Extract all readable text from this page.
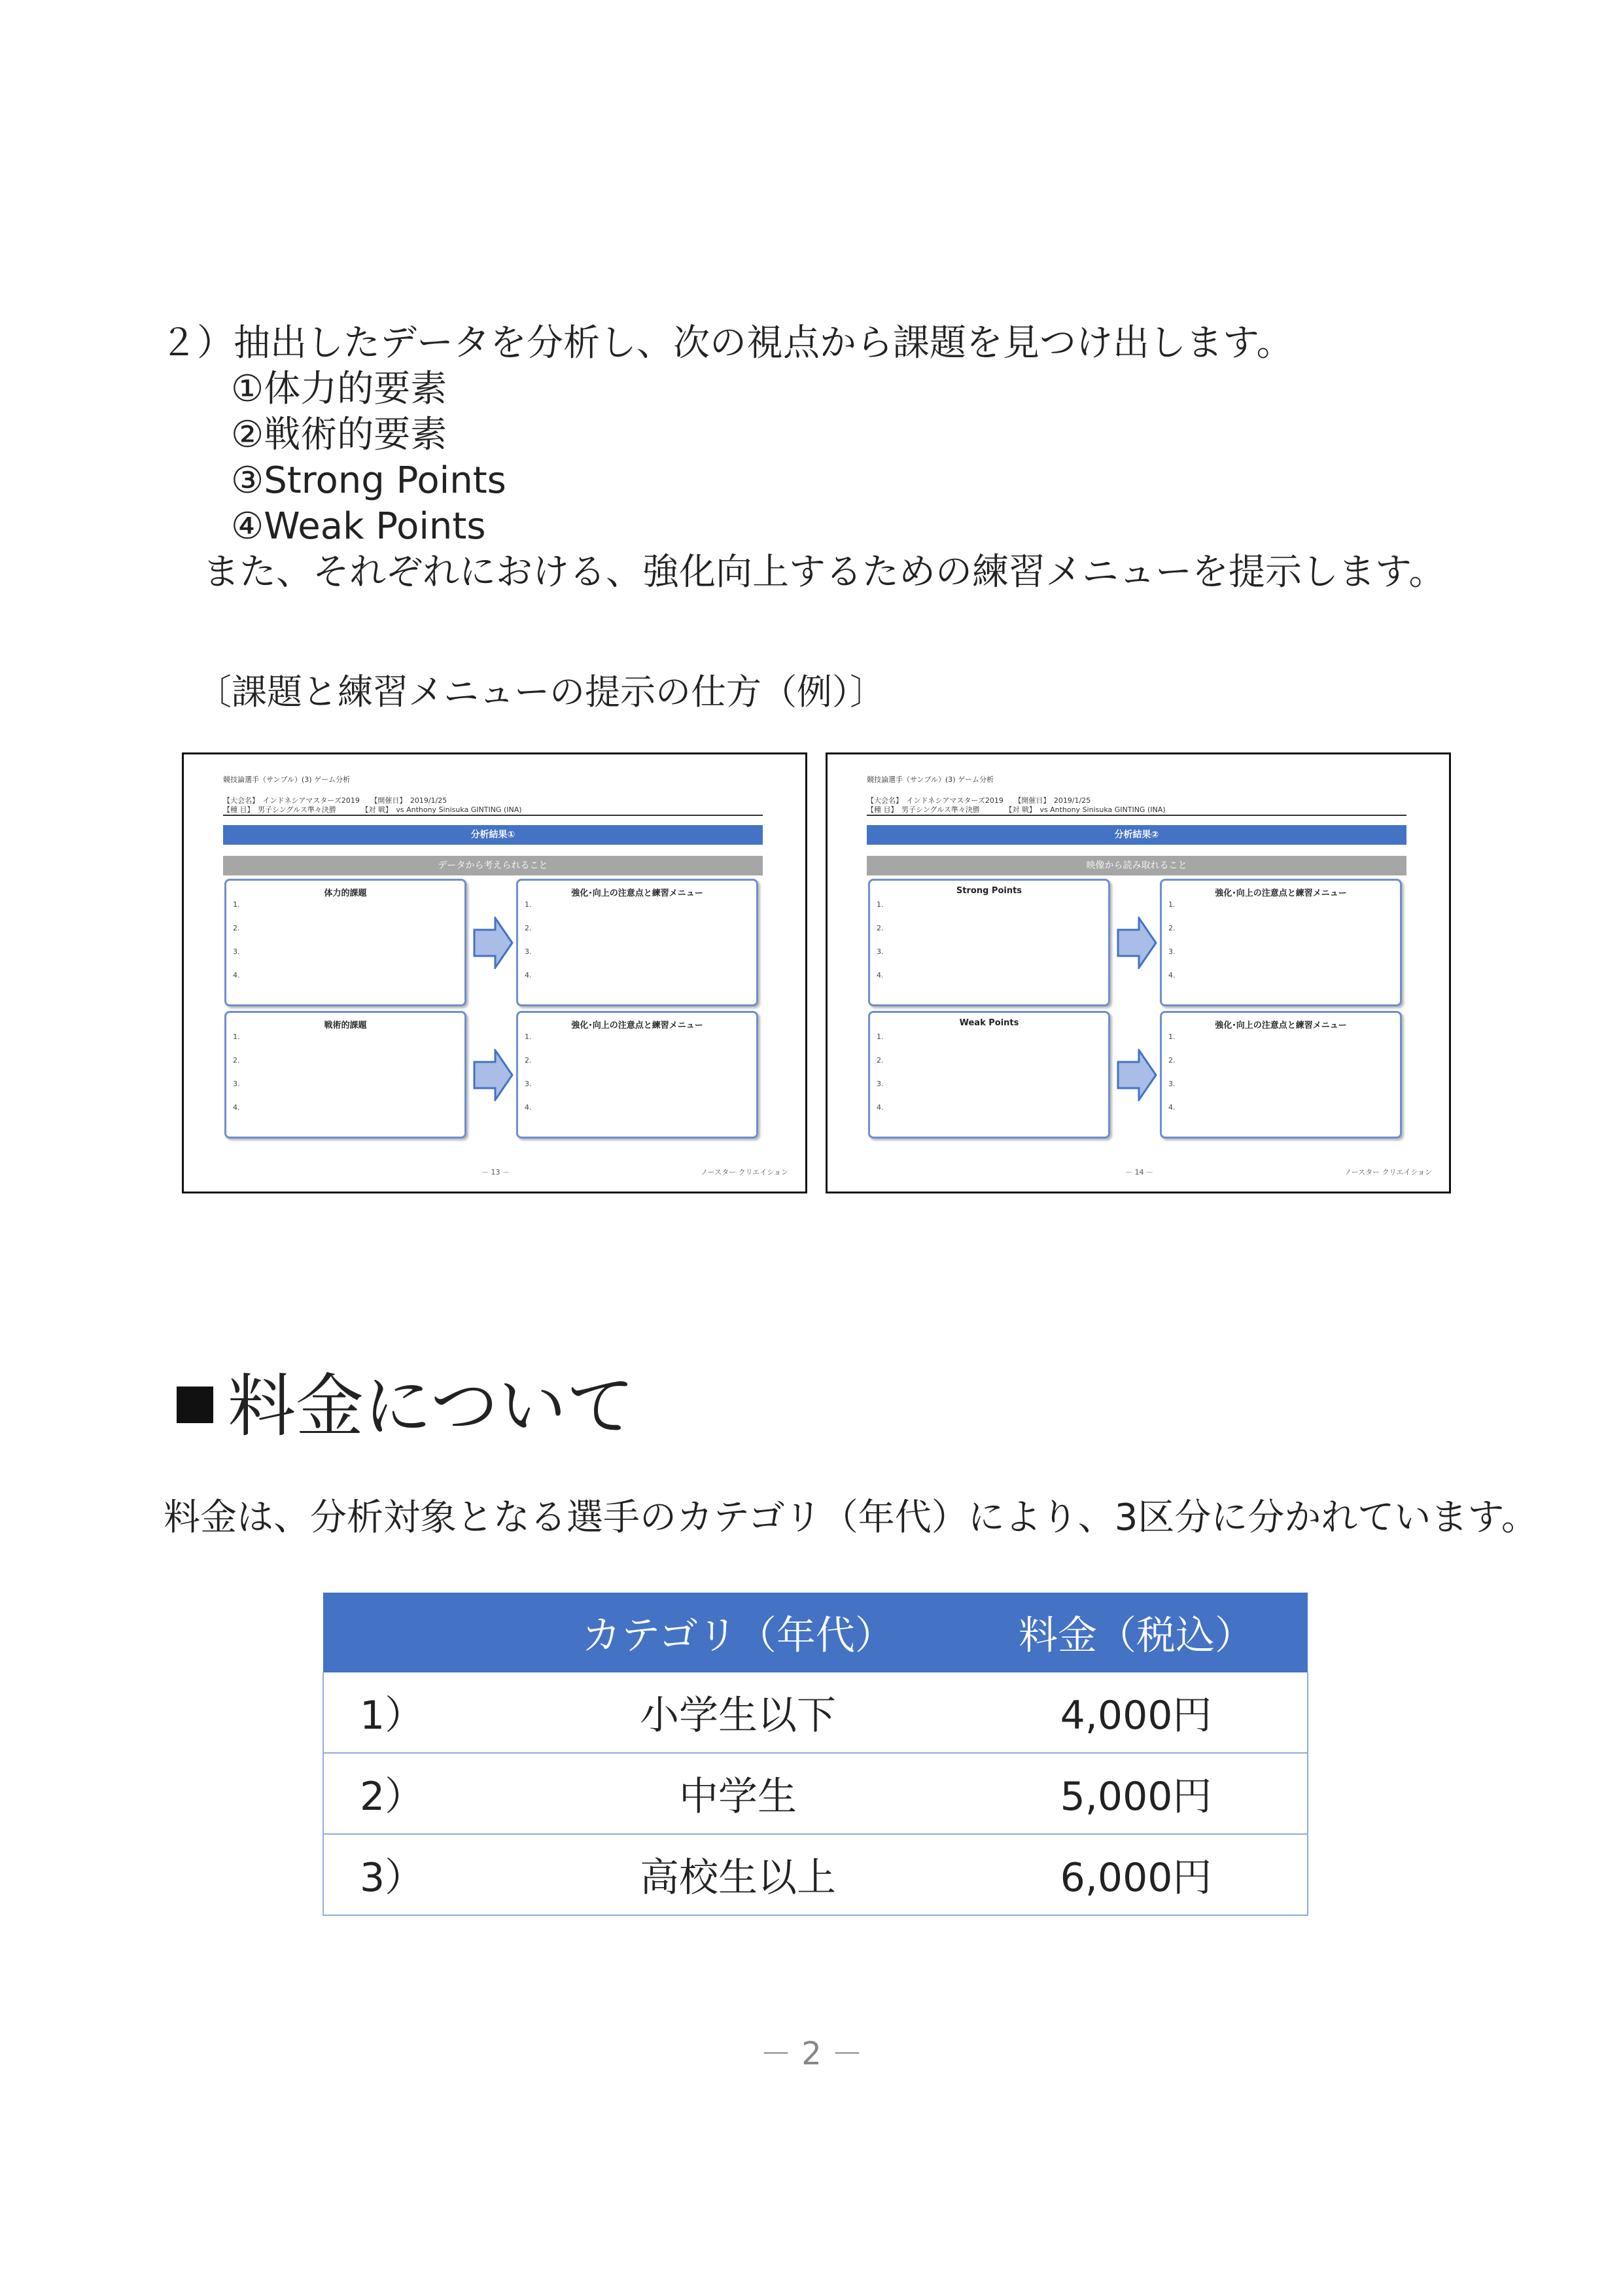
２）抽出したデータを分析し、次の視点から課題を見つけ出します。
①体力的要素
②戦術的要素
③Strong Points
④Weak Points
また、それぞれにおける、強化向上するための練習メニューを提示します。
〔課題と練習メニューの提示の仕方（例）〕
競技論選手（サンプル）(3) ゲーム分析
【大会名】　インドネシアマスターズ2019　　【開催日】　2019/1/25
【種 目】　男子シングルス準々決勝　　　　【対 戦】　vs Anthony Sinisuka GINTING (INA)
分析結果①
データから考えられること
体力的課題
1.
2.
3.
4.
強化･向上の注意点と練習メニュー
1.
2.
3.
4.
戦術的課題
1.
2.
3.
4.
強化･向上の注意点と練習メニュー
1.
2.
3.
4.
－ 13 －	ノースター クリエイション
競技論選手（サンプル）(3) ゲーム分析
【大会名】　インドネシアマスターズ2019　　【開催日】　2019/1/25
【種 目】　男子シングルス準々決勝　　　　【対 戦】　vs Anthony Sinisuka GINTING (INA)
分析結果②
映像から読み取れること
Strong Points
1.
2.
3.
4.
強化･向上の注意点と練習メニュー
1.
2.
3.
4.
Weak Points
1.
2.
3.
4.
強化･向上の注意点と練習メニュー
1.
2.
3.
4.
－ 14 －	ノースター クリエイション
料金について
料金は、分析対象となる選手のカテゴリ（年代）により、3区分に分かれています。
	カテゴリ（年代）	料金（税込）
1）	小学生以下	4,000円
2）	中学生	5,000円
3）	高校生以上	6,000円
－ 2 －
